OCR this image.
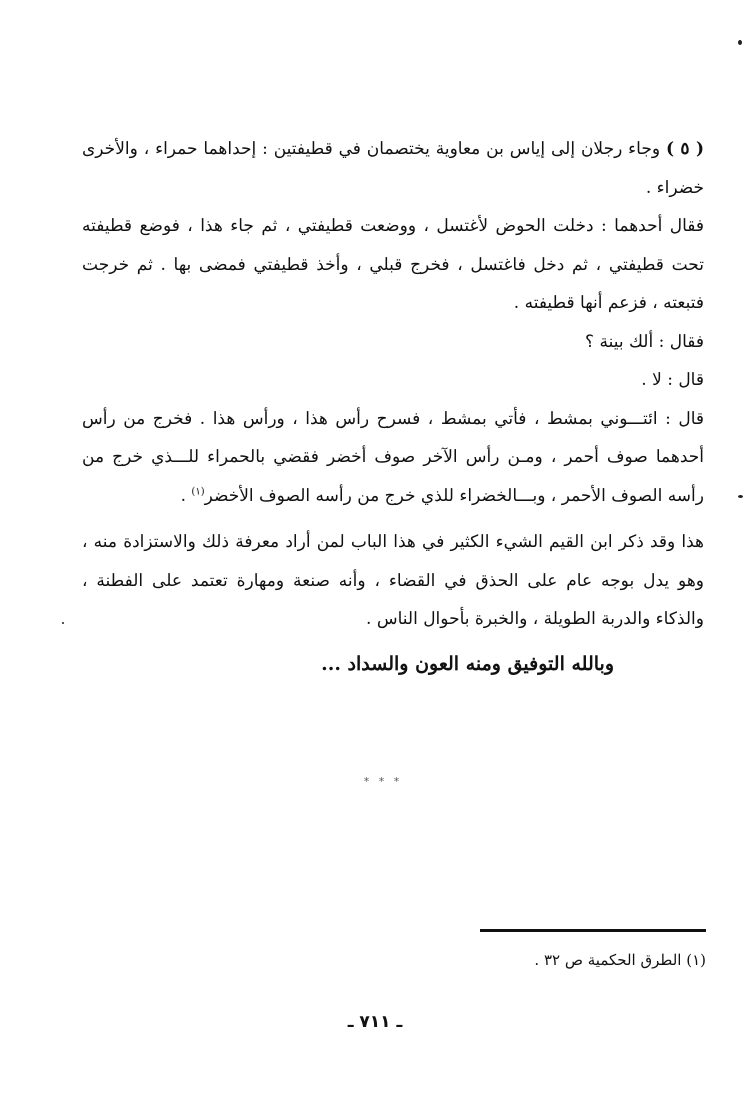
( ٥ ) وجاء رجلان إلى إياس بن معاوية يختصمان في قطيفتين : إحداهما حمراء ، والأخرى خضراء .

فقال أحدهما : دخلت الحوض لأغتسل ، ووضعت قطيفتي ، ثم جاء هذا ، فوضع قطيفته تحت قطيفتي ، ثم دخل فاغتسل ، فخرج قبلي ، وأخذ قطيفتي فمضى بها . ثم خرجت فتبعته ، فزعم أنها قطيفته .

فقال : ألك بينة ؟

قال : لا .

قال : ائتـــوني بمشط ، فأتي بمشط ، فسرح رأس هذا ، ورأس هذا . فخرج من رأس أحدهما صوف أحمر ، ومـن رأس الآخر صوف أخضر فقضي بالحمراء للـــذي خرج من رأسه الصوف الأحمر ، وبـــالخضراء للذي خرج من رأسه الصوف الأخضر$^{(١)}$ .

هذا وقد ذكر ابن القيم الشيء الكثير في هذا الباب لمن أراد معرفة ذلك والاستزادة منه ، وهو يدل بوجه عام على الحذق في القضاء ، وأنه صنعة ومهارة تعتمد على الفطنة ، والذكاء والدربة الطويلة ، والخبرة بأحوال الناس .

وبالله التوفيق ومنه العون والسداد ...

* * *
(١) الطرق الحكمية ص ٣٢ .
ـ ٧١١ ـ
